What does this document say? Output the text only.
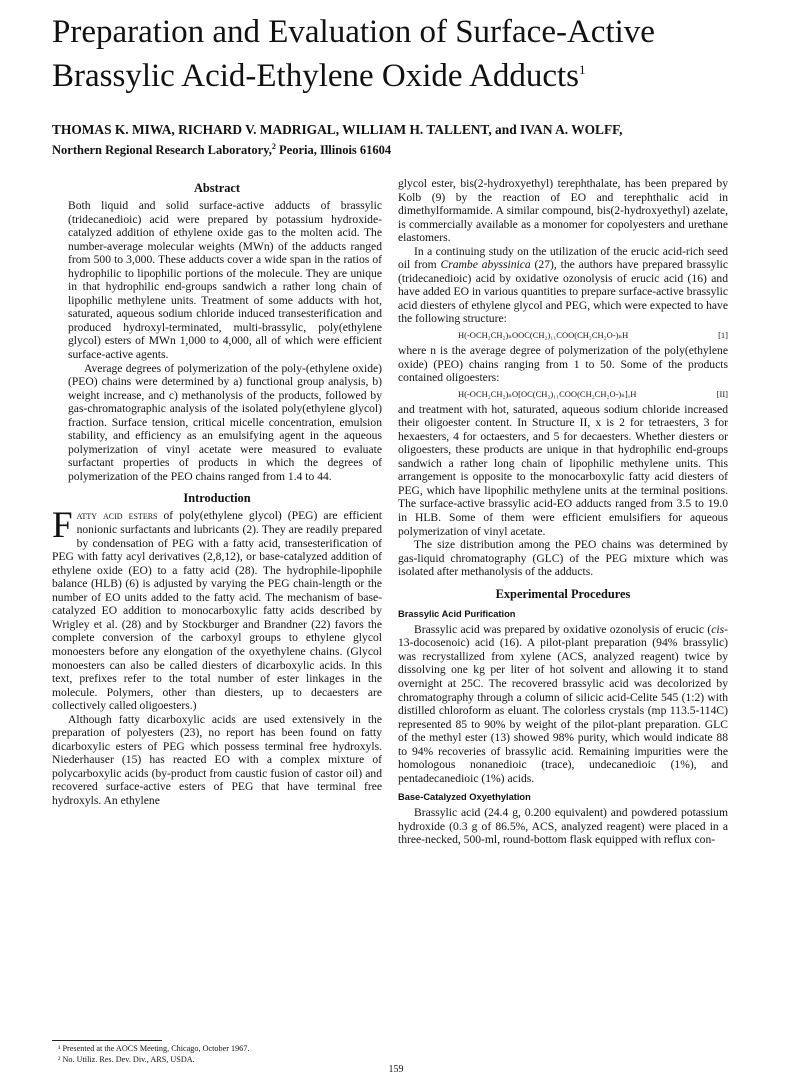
Preparation and Evaluation of Surface-Active Brassylic Acid-Ethylene Oxide Adducts$^1$

THOMAS K. MIWA, RICHARD V. MADRIGAL, WILLIAM H. TALLENT, and IVAN A. WOLFF,

Northern Regional Research Laboratory,$^2$ Peoria, Illinois 61604

Abstract

Both liquid and solid surface-active adducts of brassylic (tridecanedioic) acid were prepared by potassium hydroxide-catalyzed addition of ethylene oxide gas to the molten acid. The number-average molecular weights (MWn) of the adducts ranged from 500 to 3,000. These adducts cover a wide span in the ratios of hydrophilic to lipophilic portions of the molecule. They are unique in that hydrophilic end-groups sandwich a rather long chain of lipophilic methylene units. Treatment of some adducts with hot, saturated, aqueous sodium chloride induced transesterification and produced hydroxyl-terminated, multi-brassylic, poly(ethylene glycol) esters of MWn 1,000 to 4,000, all of which were efficient surface-active agents.

Average degrees of polymerization of the poly-(ethylene oxide) (PEO) chains were determined by a) functional group analysis, b) weight increase, and c) methanolysis of the products, followed by gas-chromatographic analysis of the isolated poly(ethylene glycol) fraction. Surface tension, critical micelle concentration, emulsion stability, and efficiency as an emulsifying agent in the aqueous polymerization of vinyl acetate were measured to evaluate surfactant properties of products in which the degrees of polymerization of the PEO chains ranged from 1.4 to 44.

Introduction

Fatty acid esters of poly(ethylene glycol) (PEG) are efficient nonionic surfactants and lubricants (2). They are readily prepared by condensation of PEG with a fatty acid, transesterification of PEG with fatty acyl derivatives (2,8,12), or base-catalyzed addition of ethylene oxide (EO) to a fatty acid (28). The hydrophile-lipophile balance (HLB) (6) is adjusted by varying the PEG chain-length or the number of EO units added to the fatty acid. The mechanism of base-catalyzed EO addition to monocarboxylic fatty acids described by Wrigley et al. (28) and by Stockburger and Brandner (22) favors the complete conversion of the carboxyl groups to ethylene glycol monoesters before any elongation of the oxyethylene chains. (Glycol monoesters can also be called diesters of dicarboxylic acids. In this text, prefixes refer to the total number of ester linkages in the molecule. Polymers, other than diesters, up to decaesters are collectively called oligoesters.)

Although fatty dicarboxylic acids are used extensively in the preparation of polyesters (23), no report has been found on fatty dicarboxylic esters of PEG which possess terminal free hydroxyls. Niederhauser (15) has reacted EO with a complex mixture of polycarboxylic acids (by-product from caustic fusion of castor oil) and recovered surface-active esters of PEG that have terminal free hydroxyls. An ethylene

glycol ester, bis(2-hydroxyethyl) terephthalate, has been prepared by Kolb (9) by the reaction of EO and terephthalic acid in dimethylformamide. A similar compound, bis(2-hydroxyethyl) azelate, is commercially available as a monomer for copolyesters and urethane elastomers.

In a continuing study on the utilization of the erucic acid-rich seed oil from Crambe abyssinica (27), the authors have prepared brassylic (tridecanedioic) acid by oxidative ozonolysis of erucic acid (16) and have added EO in various quantities to prepare surface-active brassylic acid diesters of ethylene glycol and PEG, which were expected to have the following structure:

H(-OCH₂CH₂)ₙOOC(CH₂)₁₁COO(CH₂CH₂O-)ₙH	[1]

where n is the average degree of polymerization of the poly(ethylene oxide) (PEO) chains ranging from 1 to 50. Some of the products contained oligoesters:

H(-OCH₂CH₂)ₙO[OC(CH₂)₁₁COO(CH₂CH₂O-)ₙ]ₓH	[II]

and treatment with hot, saturated, aqueous sodium chloride increased their oligoester content. In Structure II, x is 2 for tetraesters, 3 for hexaesters, 4 for octaesters, and 5 for decaesters. Whether diesters or oligoesters, these products are unique in that hydrophilic end-groups sandwich a rather long chain of lipophilic methylene units. This arrangement is opposite to the monocarboxylic fatty acid diesters of PEG, which have lipophilic methylene units at the terminal positions. The surface-active brassylic acid-EO adducts ranged from 3.5 to 19.0 in HLB. Some of them were efficient emulsifiers for aqueous polymerization of vinyl acetate.

The size distribution among the PEO chains was determined by gas-liquid chromatography (GLC) of the PEG mixture which was isolated after methanolysis of the adducts.

Experimental Procedures
Brassylic Acid Purification

Brassylic acid was prepared by oxidative ozonolysis of erucic (cis-13-docosenoic) acid (16). A pilot-plant preparation (94% brassylic) was recrystallized from xylene (ACS, analyzed reagent) twice by dissolving one kg per liter of hot solvent and allowing it to stand overnight at 25C. The recovered brassylic acid was decolorized by chromatography through a column of silicic acid-Celite 545 (1:2) with distilled chloroform as eluant. The colorless crystals (mp 113.5-114C) represented 85 to 90% by weight of the pilot-plant preparation. GLC of the methyl ester (13) showed 98% purity, which would indicate 88 to 94% recoveries of brassylic acid. Remaining impurities were the homologous nonanedioic (trace), undecanedioic (1%), and pentadecanedioic (1%) acids.

Base-Catalyzed Oxyethylation

Brassylic acid (24.4 g, 0.200 equivalent) and powdered potassium hydroxide (0.3 g of 86.5%, ACS, analyzed reagent) were placed in a three-necked, 500-ml, round-bottom flask equipped with reflux con-

¹ Presented at the AOCS Meeting, Chicago, October 1967.

² No. Utiliz. Res. Dev. Div., ARS, USDA.

159
